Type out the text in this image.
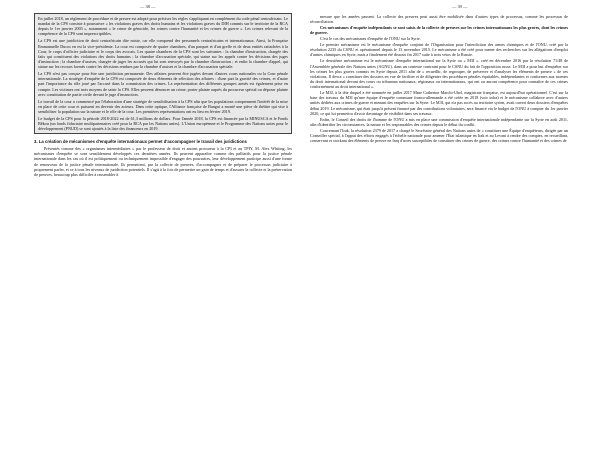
— 38 —	— 39 —

En juillet 2018, un règlement de procédure et de preuve est adopté pour préciser les règles s'appliquant en complément du code pénal centrafricain. Le mandat de la CPS consiste à poursuivre « les violations graves des droits humains et les violations graves du DIH commis sur le territoire de la RCA depuis le 1er janvier 2003 », notamment « le crime de génocide, les crimes contre l'humanité et les crimes de guerre ». Les crimes relevant de la compétence de la CPS sont imprescriptibles.

La CPS est une juridiction de droit centrafricain dite mixte, car elle comprend des personnels centrafricains et internationaux. Ainsi, la Française Emmanuelle Ducos en est la vice-présidente. La cour est composée de quatre chambres, d'un parquet et d'un greffe et de deux entités rattachées à la Cour, le corps d'officier judiciaire et le corps des avocats. Les quatre chambres de la CPS sont les suivantes : la chambre d'instruction, chargée des faits qui constituent des violations des droits humains ; la chambre d'accusation spéciale, qui statue sur les appels contre les décisions des juges d'instruction ; la chambre d'assises, chargée de juger les accusés qui lui sont renvoyés par la chambre d'instruction ; et enfin la chambre d'appel, qui statue sur les recours formés contre les décisions rendues par la chambre d'assises et la chambre d'accusation spéciale.

La CPS n'est pas conçue pour être une juridiction permanente. Des affaires peuvent être jugées devant d'autres cours nationales ou la Cour pénale internationale. La stratégie d'enquête de la CPS est composée de deux éléments de sélection des affaires : d'une part la gravité des crimes, et d'autre part l'importance du rôle joué par l'accusé dans la commission des crimes. La représentation des différents groupes armés est également prise en compte. Les victimes ont trois moyens de saisir la CPS. Elles peuvent dénoncer un crime, porter plainte auprès du procureur spécial ou déposer plainte avec constitution de partie civile devant le juge d'instruction.

Le travail de la cour a commencé par l'élaboration d'une stratégie de sensibilisation à la CPS afin que les populations comprennent l'intérêt de la mise en place de cette cour et puissent en devenir des acteurs. Dans cette optique, l'Alliance française de Bangui a monté une pièce de théâtre qui vise à sensibiliser la population sur la nature et le rôle de la cour. Les premières représentations ont eu lieu en février 2019.

Le budget de la CPS pour la période 2018-2022 est de 61,3 millions de dollars. Pour l'année 2018, la CPS est financée par la MINUSCA et le Fonds Bêkou (un fonds fiduciaire multipartenaires créé pour la RCA par les Nations unies). L'Union européenne et le Programme des Nations unies pour le développement (PNUD) se sont ajoutés à la liste des financeurs en 2019.

3. La création de mécanismes d'enquête internationaux permet d'accompagner le travail des juridictions

Présentés comme des « organismes intermédiaires » par le professeur de droit et ancien procureur à la CPI et au TPIY, M. Alex Whiting, les mécanismes d'enquête se sont sensiblement développés ces dernières années. Ils peuvent apparaître comme des palliatifs pour la justice pénale internationale dans les cas où il est politiquement ou techniquement impossible d'engager des poursuites, leur développement participe aussi d'une forme de renouveau de la justice pénale internationale. Ils permettent, par la collecte de preuves, d'accompagner et de préparer le processus judiciaire à proprement parler, et ce à tous les niveaux de juridiction potentiels. Il s'agit à la fois de permettre un gain de temps et d'assurer la collecte et la préservation de preuves, beaucoup plus difficiles à rassembler à

mesure que les années passent. La collecte des preuves peut aussi être mobilisée dans d'autres types de processus, comme les processus de réconciliation.

Ces mécanismes d'enquête indépendants se sont saisis de la collecte de preuves sur les crimes internationaux les plus graves, dont les crimes de guerre.

C'est le cas des mécanismes d'enquête de l'ONU sur la Syrie.

Le premier mécanisme est le mécanisme d'enquête conjoint de l'Organisation pour l'interdiction des armes chimiques et de l'ONU, créé par la résolution 2235 du CSNU et opérationnel depuis le 13 novembre 2015. Le mécanisme a été créé pour mener des recherches sur les allégations d'emploi d'armes chimiques en Syrie, mais a finalement été dissous fin 2017 suite à trois vetos de la Russie.

Le deuxième mécanisme est le mécanisme d'enquête international sur la Syrie ou « M3I », créé en décembre 2016 par la résolution 71/48 de l'Assemblée générale des Nations unies (AGNU), dans un contexte contraint pour le CSNU du fait de l'opposition russe. Le M3I a pour but d'enquêter sur les crimes les plus graves commis en Syrie depuis 2011 afin de « recueillir, de regrouper, de préserver et d'analyser les éléments de preuve » de ces violations. Il devra « constituer des dossiers en vue de faciliter et de diligenter des procédures pénales équitables, indépendantes et conformes aux normes du droit international devant des cours ou tribunaux nationaux, régionaux ou internationaux, qui ont ou auront compétence pour connaître de ces crimes conformément au droit international ».

Le M3I, à la tête duquel a été nommée en juillet 2017 Mme Catherine Marchi-Uhel, magistrate française, est aujourd'hui opérationnel. C'est sur la base des travaux du M3I qu'une équipe d'enquête commune franco-allemande a été créée en 2018 (voir infra) et le mécanisme collabore avec d'autres unités dédiées aux crimes de guerre et menant des enquêtes sur la Syrie. Le M3I, qui n'a pas accès au territoire syrien, avait ouvert deux dossiers d'enquêtes début 2019. Le mécanisme, qui était jusqu'à présent financé par des contributions volontaires, sera financé via le budget de l'ONU à compter du 1er janvier 2020, ce qui lui permettra d'avoir davantage de visibilité dans ses travaux.

Enfin, le Conseil des droits de l'homme de l'ONU a mis en place une commission d'enquête internationale indépendante sur la Syrie en août 2011, afin d'identifier les circonstances, la nature et les responsables des crimes depuis le début du conflit.

Concernant l'Irak, la résolution 2379 de 2017 a chargé le Secrétaire général des Nations unies de « constituer une Équipe d'enquêteurs, dirigée par un Conseiller spécial, à l'appui des efforts engagés à l'échelle nationale pour amener l'État islamique en Irak et au Levant à rendre des comptes, en recueillant, conservant et stockant des éléments de preuve en Iraq d'actes susceptibles de constituer des crimes de guerre, des crimes contre l'humanité et des crimes de
